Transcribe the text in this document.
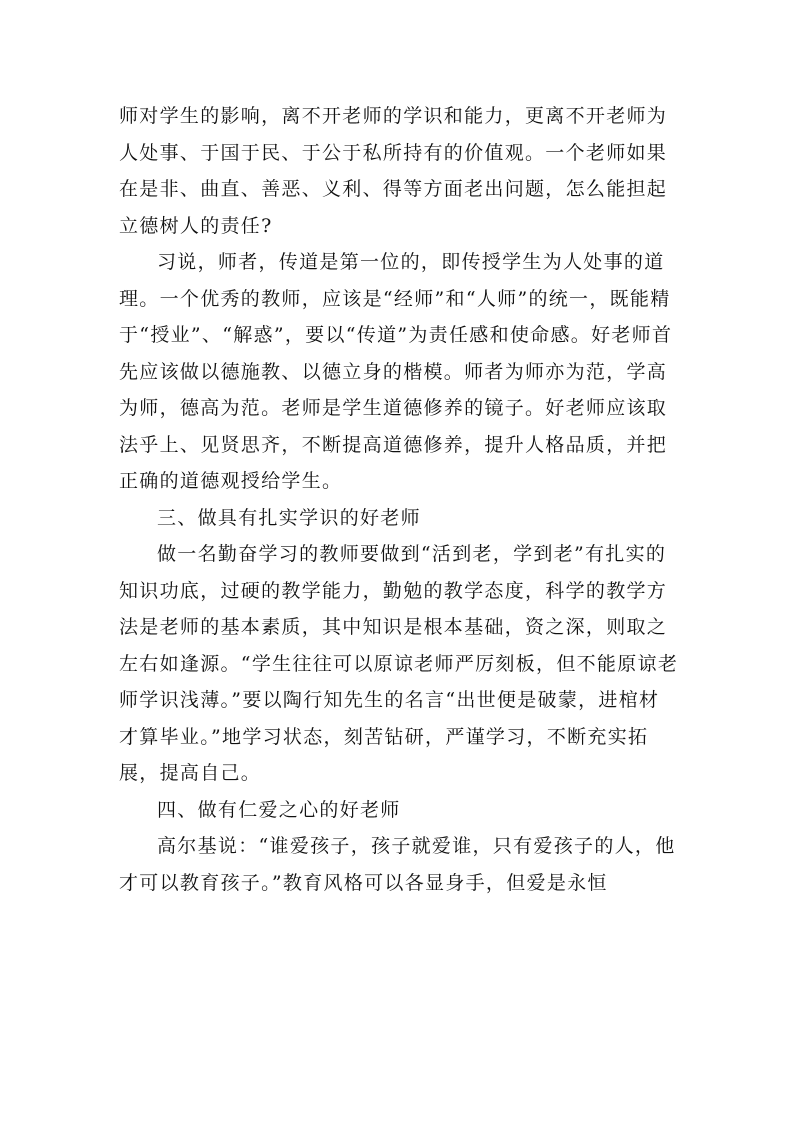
师对学生的影响，离不开老师的学识和能力，更离不开老师为人处事、于国于民、于公于私所持有的价值观。一个老师如果在是非、曲直、善恶、义利、得等方面老出问题，怎么能担起立德树人的责任?

习说，师者，传道是第一位的，即传授学生为人处事的道理。一个优秀的教师，应该是“经师”和“人师”的统一，既能精于“授业”、“解惑”，要以“传道”为责任感和使命感。好老师首先应该做以德施教、以德立身的楷模。师者为师亦为范，学高为师，德高为范。老师是学生道德修养的镜子。好老师应该取法乎上、见贤思齐，不断提高道德修养，提升人格品质，并把正确的道德观授给学生。

三、做具有扎实学识的好老师

做一名勤奋学习的教师要做到“活到老，学到老”有扎实的知识功底，过硬的教学能力，勤勉的教学态度，科学的教学方法是老师的基本素质，其中知识是根本基础，资之深，则取之左右如逢源。“学生往往可以原谅老师严厉刻板，但不能原谅老师学识浅薄。”要以陶行知先生的名言“出世便是破蒙，进棺材才算毕业。”地学习状态，刻苦钻研，严谨学习，不断充实拓展，提高自己。

四、做有仁爱之心的好老师

高尔基说：“谁爱孩子，孩子就爱谁，只有爱孩子的人，他才可以教育孩子。”教育风格可以各显身手，但爱是永恒
